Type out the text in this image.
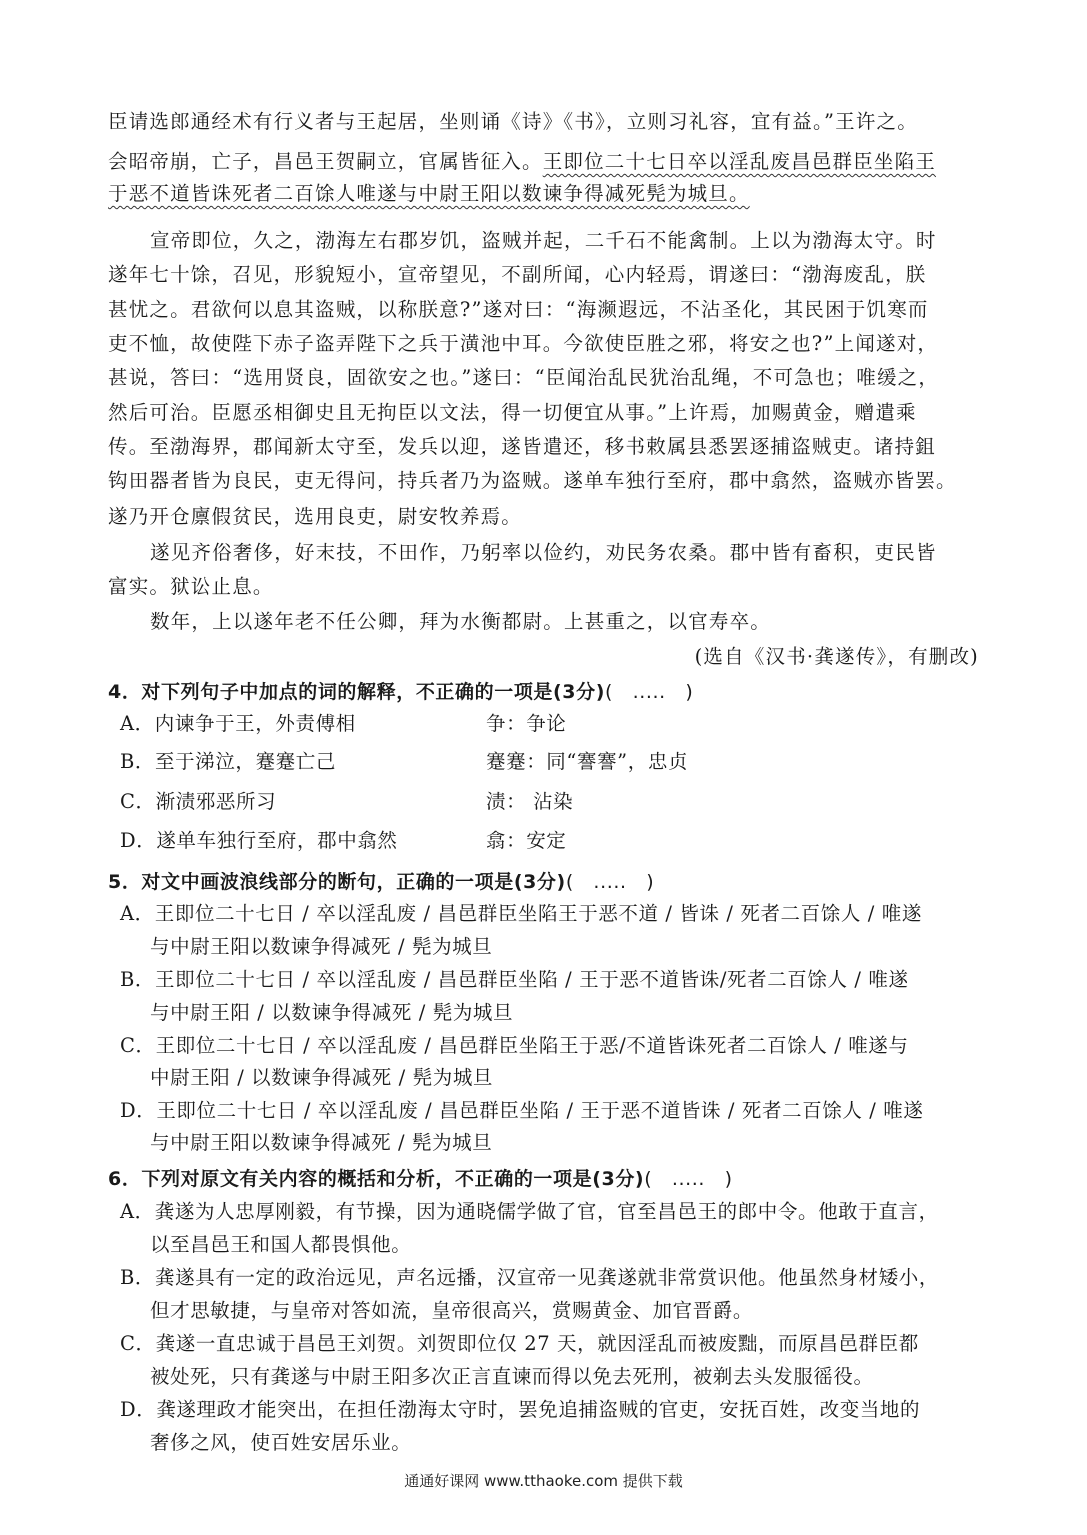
臣请选郎通经术有行义者与王起居，坐则诵《诗》《书》，立则习礼容，宜有益。”王许之。
会昭帝崩，亡子，昌邑王贺嗣立，官属皆征入。王即位二十七日卒以淫乱废昌邑群臣坐陷王
于恶不道皆诛死者二百馀人唯遂与中尉王阳以数谏争得减死髡为城旦。
宣帝即位，久之，渤海左右郡岁饥，盗贼并起，二千石不能禽制。上以为渤海太守。时
遂年七十馀，召见，形貌短小，宣帝望见，不副所闻，心内轻焉，谓遂曰：“渤海废乱，朕
甚忧之。君欲何以息其盗贼，以称朕意?”遂对曰：“海濒遐远，不沾圣化，其民困于饥寒而
吏不恤，故使陛下赤子盗弄陛下之兵于潢池中耳。今欲使臣胜之邪，将安之也?”上闻遂对，
甚说，答曰：“选用贤良，固欲安之也。”遂曰：“臣闻治乱民犹治乱绳，不可急也；唯缓之，
然后可治。臣愿丞相御史且无拘臣以文法，得一切便宜从事。”上许焉，加赐黄金，赠遣乘
传。至渤海界，郡闻新太守至，发兵以迎，遂皆遣还，移书敕属县悉罢逐捕盗贼吏。诸持鉏
钩田器者皆为良民，吏无得问，持兵者乃为盗贼。遂单车独行至府，郡中翕然，盗贼亦皆罢。
遂乃开仓廪假贫民，选用良吏，尉安牧养焉。
遂见齐俗奢侈，好末技，不田作，乃躬率以俭约，劝民务农桑。郡中皆有畜积，吏民皆
富实。狱讼止息。
数年，上以遂年老不任公卿，拜为水衡都尉。上甚重之，以官寿卒。
(选自《汉书·龚遂传》，有删改)
4．对下列句子中加点的词的解释，不正确的一项是(3分)(　.....　)
A．内谏争于王，外责傅相	争：争论
B．至于涕泣，蹇蹇亡己	蹇蹇：同“謇謇”，忠贞
C．渐渍邪恶所习	渍： 沾染
D．遂单车独行至府，郡中翕然	翕：安定
5．对文中画波浪线部分的断句，正确的一项是(3分)(　.....　)
A．王即位二十七日 / 卒以淫乱废 / 昌邑群臣坐陷王于恶不道 / 皆诛 / 死者二百馀人 / 唯遂
与中尉王阳以数谏争得减死 / 髡为城旦
B．王即位二十七日 / 卒以淫乱废 / 昌邑群臣坐陷 / 王于恶不道皆诛/死者二百馀人 / 唯遂
与中尉王阳 / 以数谏争得减死 / 髡为城旦
C．王即位二十七日 / 卒以淫乱废 / 昌邑群臣坐陷王于恶/不道皆诛死者二百馀人 / 唯遂与
中尉王阳 / 以数谏争得减死 / 髡为城旦
D．王即位二十七日 / 卒以淫乱废 / 昌邑群臣坐陷 / 王于恶不道皆诛 / 死者二百馀人 / 唯遂
与中尉王阳以数谏争得减死 / 髡为城旦
6．下列对原文有关内容的概括和分析，不正确的一项是(3分)(　.....　)
A．龚遂为人忠厚刚毅，有节操，因为通晓儒学做了官，官至昌邑王的郎中令。他敢于直言，
以至昌邑王和国人都畏惧他。
B．龚遂具有一定的政治远见，声名远播，汉宣帝一见龚遂就非常赏识他。他虽然身材矮小，
但才思敏捷，与皇帝对答如流，皇帝很高兴，赏赐黄金、加官晋爵。
C．龚遂一直忠诚于昌邑王刘贺。刘贺即位仅 27 天，就因淫乱而被废黜，而原昌邑群臣都
被处死，只有龚遂与中尉王阳多次正言直谏而得以免去死刑，被剃去头发服徭役。
D．龚遂理政才能突出，在担任渤海太守时，罢免追捕盗贼的官吏，安抚百姓，改变当地的
奢侈之风，使百姓安居乐业。
通通好课网 www.tthaoke.com 提供下载
